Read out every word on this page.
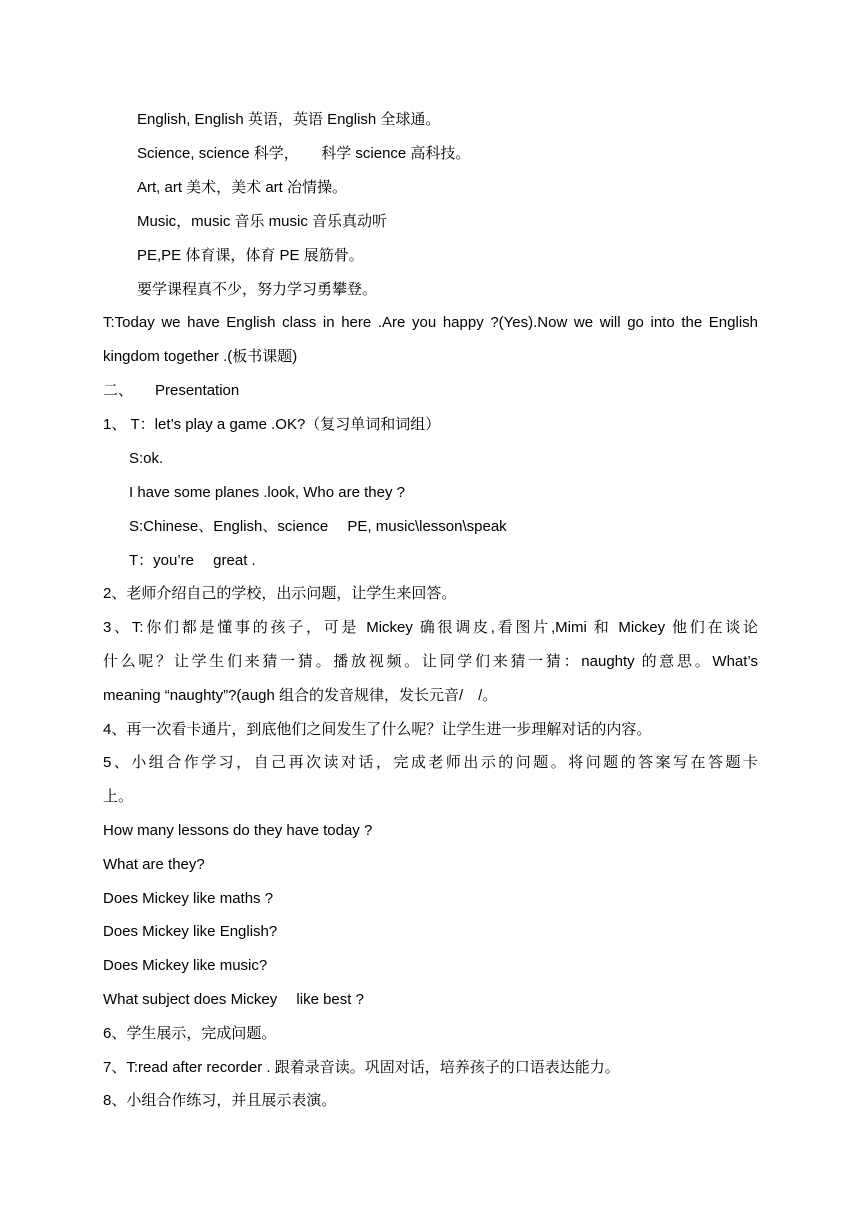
English, English 英语，英语 English 全球通。
Science, science 科学，　　科学 science 高科技。
Art, art 美术，美术 art 冶情操。
Music，music 音乐 music 音乐真动听
PE,PE 体育课，体育 PE 展筋骨。
要学课程真不少，努力学习勇攀登。
T:Today we have English class in here .Are you happy ?(Yes).Now we will go into the English
kingdom together .(板书课题)
二、 Presentation
1、 T：let’s play a game .OK?（复习单词和词组）
S:ok.
I have some planes .look, Who are they ?
S:Chinese、English、science　 PE, music\lesson\speak
T：you’re　 great .
2、老师介绍自己的学校，出示问题，让学生来回答。
3、T:你们都是懂事的孩子，可是 Mickey 确很调皮,看图片,Mimi 和 Mickey 他们在谈论
什么呢？让学生们来猜一猜。播放视频。让同学们来猜一猜：naughty 的意思。What’s
meaning “naughty”?(augh 组合的发音规律，发长元音/　/。
4、再一次看卡通片，到底他们之间发生了什么呢？让学生进一步理解对话的内容。
5、小组合作学习，自己再次读对话，完成老师出示的问题。将问题的答案写在答题卡
上。
How many lessons do they have today ?
What are they?
Does Mickey like maths ?
Does Mickey like English?
Does Mickey like music?
What subject does Mickey　 like best ?
6、学生展示，完成问题。
7、T:read after recorder . 跟着录音读。巩固对话，培养孩子的口语表达能力。
8、小组合作练习，并且展示表演。
